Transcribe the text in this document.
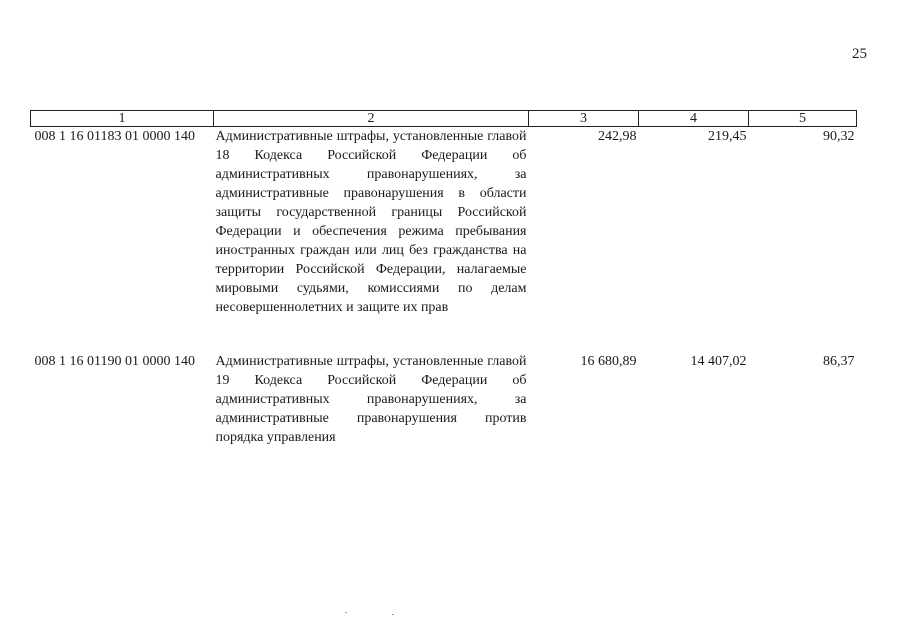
25
1	2	3	4	5
008 1 16 01183 01 0000 140	Административные штрафы, установленные главой 18 Кодекса Российской Федерации об административных правонарушениях, за административные правонарушения в области защиты государственной границы Российской Федерации и обеспечения режима пребывания иностранных граждан или лиц без гражданства на территории Российской Федерации, налагаемые мировыми судьями, комиссиями по делам несовершеннолетних и защите их прав	242,98	219,45	90,32
008 1 16 01190 01 0000 140	Административные штрафы, установленные главой 19 Кодекса Российской Федерации об административных правонарушениях, за административные правонарушения против порядка управления	16 680,89	14 407,02	86,37
